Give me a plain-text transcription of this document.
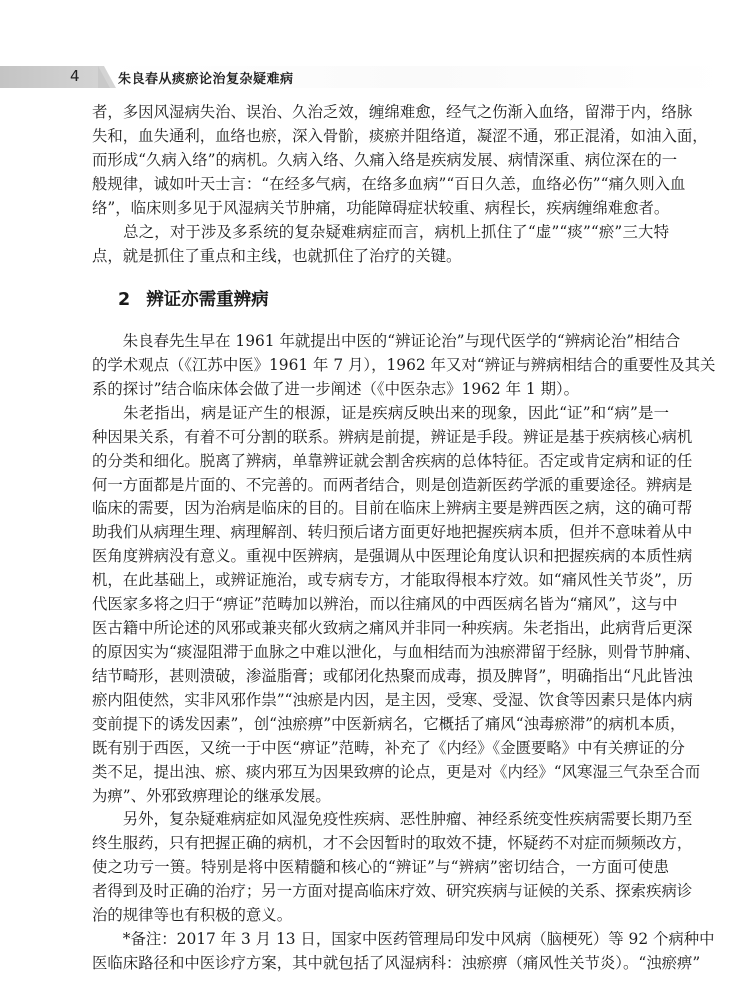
4	朱良春从痰瘀论治复杂疑难病
者，多因风湿病失治、误治、久治乏效，缠绵难愈，经气之伤渐入血络，留滞于内，络脉
失和，血失通利，血络也瘀，深入骨骱，痰瘀并阻络道，凝涩不通，邪正混淆，如油入面，
而形成“久病入络”的病机。久病入络、久痛入络是疾病发展、病情深重、病位深在的一
般规律，诚如叶天士言：“在经多气病，在络多血病”“百日久恙，血络必伤”“痛久则入血
络”，临床则多见于风湿病关节肿痛，功能障碍症状较重、病程长，疾病缠绵难愈者。
　　总之，对于涉及多系统的复杂疑难病症而言，病机上抓住了“虚”“痰”“瘀”三大特
点，就是抓住了重点和主线，也就抓住了治疗的关键。
2 辨证亦需重辨病
　　朱良春先生早在 1961 年就提出中医的“辨证论治”与现代医学的“辨病论治”相结合
的学术观点（《江苏中医》1961 年 7 月），1962 年又对“辨证与辨病相结合的重要性及其关
系的探讨”结合临床体会做了进一步阐述（《中医杂志》1962 年 1 期）。
　　朱老指出，病是证产生的根源，证是疾病反映出来的现象，因此“证”和“病”是一
种因果关系，有着不可分割的联系。辨病是前提，辨证是手段。辨证是基于疾病核心病机
的分类和细化。脱离了辨病，单靠辨证就会割舍疾病的总体特征。否定或肯定病和证的任
何一方面都是片面的、不完善的。而两者结合，则是创造新医药学派的重要途径。辨病是
临床的需要，因为治病是临床的目的。目前在临床上辨病主要是辨西医之病，这的确可帮
助我们从病理生理、病理解剖、转归预后诸方面更好地把握疾病本质，但并不意味着从中
医角度辨病没有意义。重视中医辨病，是强调从中医理论角度认识和把握疾病的本质性病
机，在此基础上，或辨证施治，或专病专方，才能取得根本疗效。如“痛风性关节炎”，历
代医家多将之归于“痹证”范畴加以辨治，而以往痛风的中西医病名皆为“痛风”，这与中
医古籍中所论述的风邪或兼夹郁火致病之痛风并非同一种疾病。朱老指出，此病背后更深
的原因实为“痰湿阻滞于血脉之中难以泄化，与血相结而为浊瘀滞留于经脉，则骨节肿痛、
结节畸形，甚则溃破，渗溢脂膏；或郁闭化热聚而成毒，损及脾肾”，明确指出“凡此皆浊
瘀内阻使然，实非风邪作祟”“浊瘀是内因，是主因，受寒、受湿、饮食等因素只是体内病
变前提下的诱发因素”，创“浊瘀痹”中医新病名，它概括了痛风“浊毒瘀滞”的病机本质，
既有别于西医，又统一于中医“痹证”范畴，补充了《内经》《金匮要略》中有关痹证的分
类不足，提出浊、瘀、痰内邪互为因果致痹的论点，更是对《内经》“风寒湿三气杂至合而
为痹”、外邪致痹理论的继承发展。
　　另外，复杂疑难病症如风湿免疫性疾病、恶性肿瘤、神经系统变性疾病需要长期乃至
终生服药，只有把握正确的病机，才不会因暂时的取效不捷，怀疑药不对症而频频改方，
使之功亏一篑。特别是将中医精髓和核心的“辨证”与“辨病”密切结合，一方面可使患
者得到及时正确的治疗；另一方面对提高临床疗效、研究疾病与证候的关系、探索疾病诊
治的规律等也有积极的意义。
　　*备注：2017 年 3 月 13 日，国家中医药管理局印发中风病（脑梗死）等 92 个病种中
医临床路径和中医诊疗方案，其中就包括了风湿病科：浊瘀痹（痛风性关节炎）。“浊瘀痹”
